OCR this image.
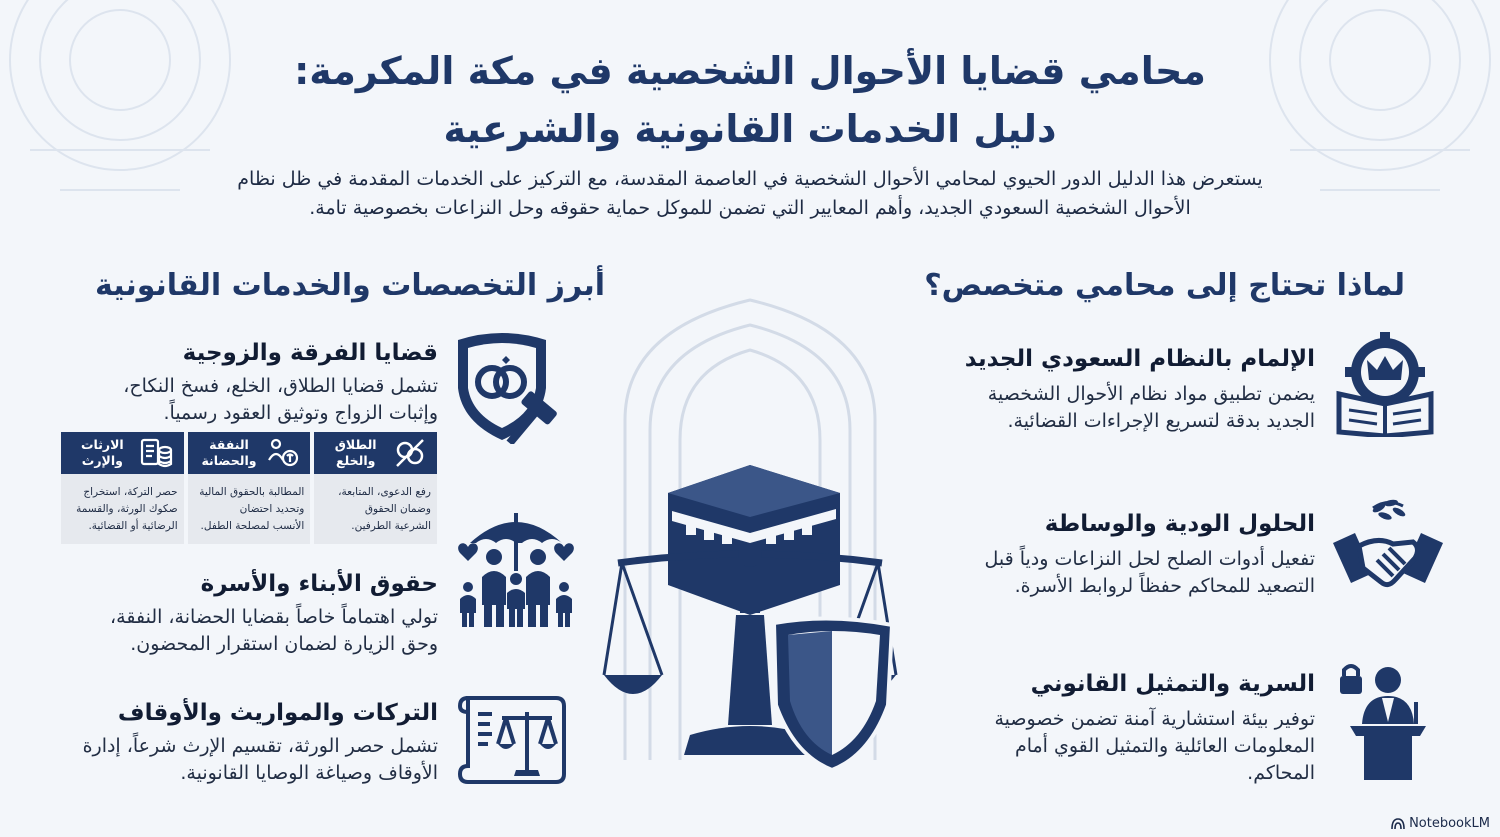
محامي قضايا الأحوال الشخصية في مكة المكرمة:
دليل الخدمات القانونية والشرعية
يستعرض هذا الدليل الدور الحيوي لمحامي الأحوال الشخصية في العاصمة المقدسة، مع التركيز على الخدمات المقدمة في ظل نظام
الأحوال الشخصية السعودي الجديد، وأهم المعايير التي تضمن للموكل حماية حقوقه وحل النزاعات بخصوصية تامة.
لماذا تحتاج إلى محامي متخصص؟
أبرز التخصصات والخدمات القانونية
الإلمام بالنظام السعودي الجديد
يضمن تطبيق مواد نظام الأحوال الشخصية
الجديد بدقة لتسريع الإجراءات القضائية.
الحلول الودية والوساطة
تفعيل أدوات الصلح لحل النزاعات ودياً قبل
التصعيد للمحاكم حفظاً لروابط الأسرة.
السرية والتمثيل القانوني
توفير بيئة استشارية آمنة تضمن خصوصية
المعلومات العائلية والتمثيل القوي أمام
المحاكم.
قضايا الفرقة والزوجية
تشمل قضايا الطلاق، الخلع، فسخ النكاح،
وإثبات الزواج وتوثيق العقود رسمياً.
الطلاق
والخلع
رفع الدعوى، المتابعة،
وضمان الحقوق
الشرعية الطرفين.
النفقة
والحضانة
المطالبة بالحقوق المالية
وتحديد احتضان
الأنسب لمصلحة الطفل.
الارثات
والإرث
حصر التركة، استخراج
صكوك الورثة، والقسمة
الرضائية أو القضائية.
حقوق الأبناء والأسرة
تولي اهتماماً خاصاً بقضايا الحضانة، النفقة،
وحق الزيارة لضمان استقرار المحضون.
التركات والمواريث والأوقاف
تشمل حصر الورثة، تقسيم الإرث شرعاً، إدارة
الأوقاف وصياغة الوصايا القانونية.
NotebookLM
